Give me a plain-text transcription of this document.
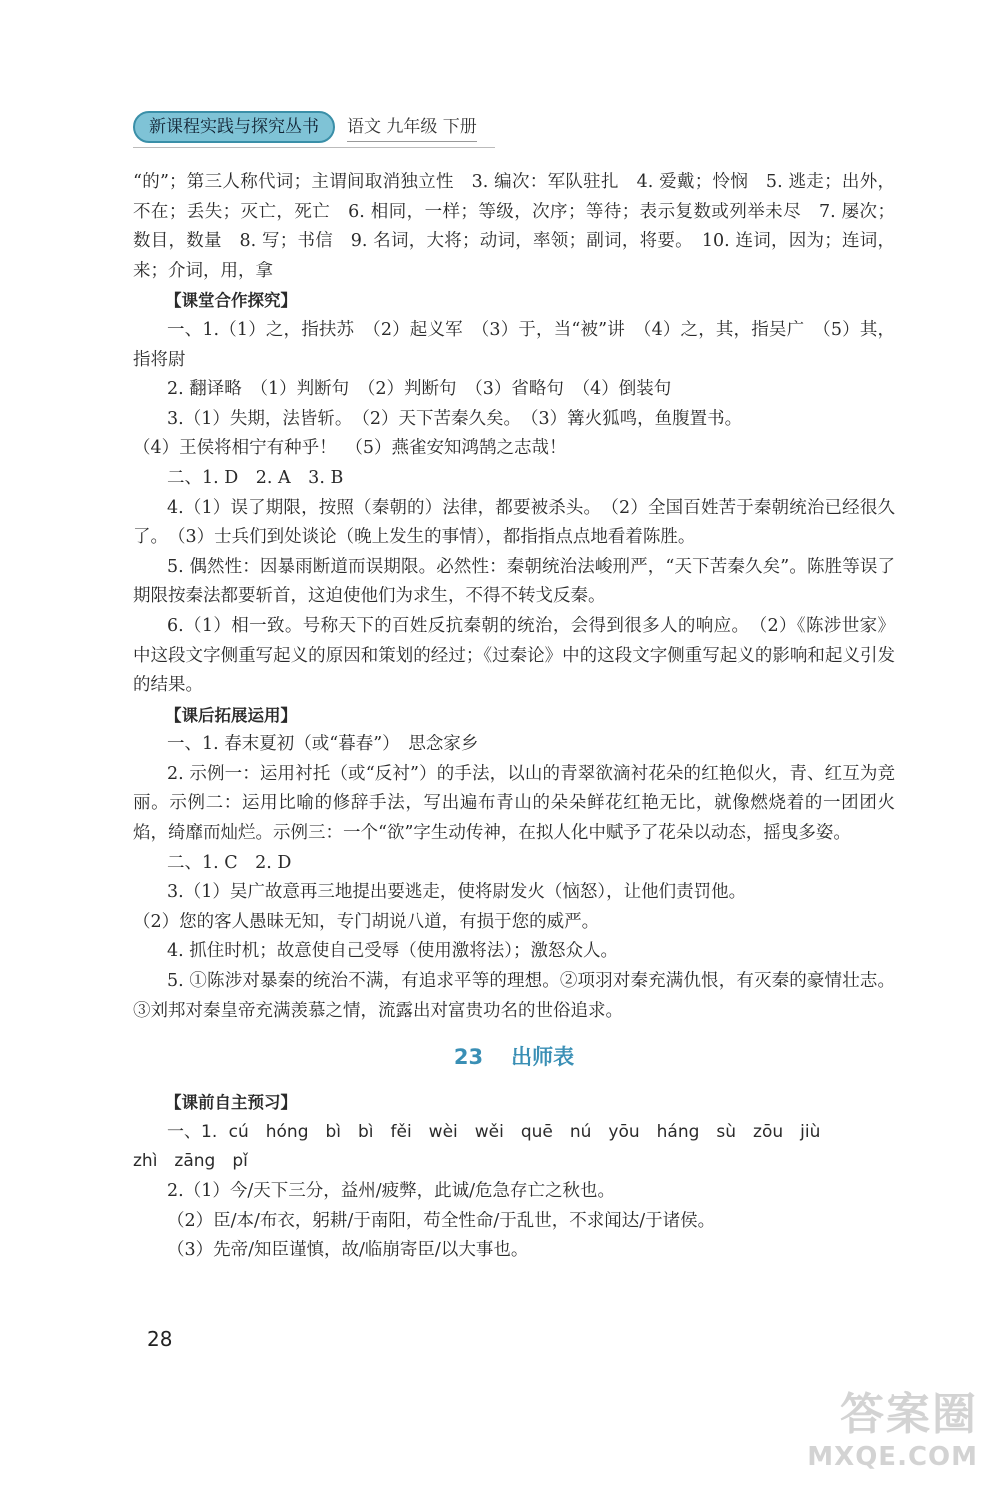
新课程实践与探究丛书	语文 九年级 下册

“的”；第三人称代词；主谓间取消独立性　3. 编次：军队驻扎　4. 爱戴；怜悯　5. 逃走；出外，不在；丢失；灭亡，死亡　6. 相同，一样；等级，次序；等待；表示复数或列举未尽　7. 屡次；数目，数量　8. 写；书信　9. 名词，大将；动词，率领；副词，将要。　10. 连词，因为；连词，来；介词，用，拿

【课堂合作探究】

一、1.（1）之，指扶苏　（2）起义军　（3）于，当“被”讲　（4）之，其，指吴广　（5）其，指将尉

2. 翻译略　（1）判断句　（2）判断句　（3）省略句　（4）倒装句

3.（1）失期，法皆斩。　（2）天下苦秦久矣。　（3）篝火狐鸣，鱼腹置书。

（4）王侯将相宁有种乎！　（5）燕雀安知鸿鹄之志哉！

二、1. D　2. A　3. B

4.（1）误了期限，按照（秦朝的）法律，都要被杀头。　（2）全国百姓苦于秦朝统治已经很久了。　（3）士兵们到处谈论（晚上发生的事情），都指指点点地看着陈胜。

5. 偶然性：因暴雨断道而误期限。必然性：秦朝统治法峻刑严，“天下苦秦久矣”。陈胜等误了期限按秦法都要斩首，这迫使他们为求生，不得不转戈反秦。

6.（1）相一致。号称天下的百姓反抗秦朝的统治，会得到很多人的响应。　（2）《陈涉世家》中这段文字侧重写起义的原因和策划的经过；《过秦论》中的这段文字侧重写起义的影响和起义引发的结果。

【课后拓展运用】

一、1. 春末夏初（或“暮春”）　思念家乡

2. 示例一：运用衬托（或“反衬”）的手法，以山的青翠欲滴衬花朵的红艳似火，青、红互为竞丽。示例二：运用比喻的修辞手法，写出遍布青山的朵朵鲜花红艳无比，就像燃烧着的一团团火焰，绮靡而灿烂。示例三：一个“欲”字生动传神，在拟人化中赋予了花朵以动态，摇曳多姿。

二、1. C　2. D

3.（1）吴广故意再三地提出要逃走，使将尉发火（恼怒），让他们责罚他。

（2）您的客人愚昧无知，专门胡说八道，有损于您的威严。

4. 抓住时机；故意使自己受辱（使用激将法）；激怒众人。

5. ①陈涉对暴秦的统治不满，有追求平等的理想。②项羽对秦充满仇恨，有灭秦的豪情壮志。③刘邦对秦皇帝充满羡慕之情，流露出对富贵功名的世俗追求。

23 出师表

【课前自主预习】

一、1. cú　hóng　bì　bì　fěi　wèi　wěi　quē　nú　yōu　háng　sù　zōu　jiù

zhì　zāng　pǐ

2.（1）今/天下三分，益州/疲弊，此诚/危急存亡之秋也。

（2）臣/本/布衣，躬耕/于南阳，苟全性命/于乱世，不求闻达/于诸侯。

（3）先帝/知臣谨慎，故/临崩寄臣/以大事也。

28
答案圈
MXQE.COM
